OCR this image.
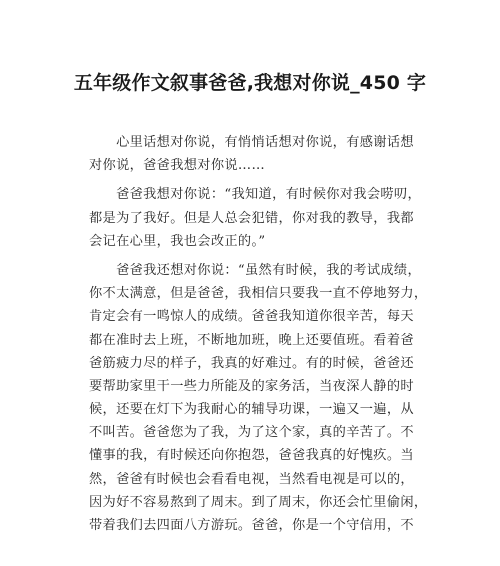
五年级作文叙事爸爸,我想对你说_450 字
　　心里话想对你说，有悄悄话想对你说，有感谢话想
对你说，爸爸我想对你说……
　　爸爸我想对你说：“我知道，有时候你对我会唠叨，
都是为了我好。但是人总会犯错，你对我的教导，我都
会记在心里，我也会改正的。”
　　爸爸我还想对你说：“虽然有时候，我的考试成绩，
你不太满意，但是爸爸，我相信只要我一直不停地努力，
肯定会有一鸣惊人的成绩。爸爸我知道你很辛苦，每天
都在准时去上班，不断地加班，晚上还要值班。看着爸
爸筋疲力尽的样子，我真的好难过。有的时候，爸爸还
要帮助家里干一些力所能及的家务活，当夜深人静的时
候，还要在灯下为我耐心的辅导功课，一遍又一遍，从
不叫苦。爸爸您为了我，为了这个家，真的辛苦了。不
懂事的我，有时候还向你抱怨，爸爸我真的好愧疚。当
然，爸爸有时候也会看看电视，当然看电视是可以的，
因为好不容易熬到了周末。到了周末，你还会忙里偷闲，
带着我们去四面八方游玩。爸爸，你是一个守信用，不
